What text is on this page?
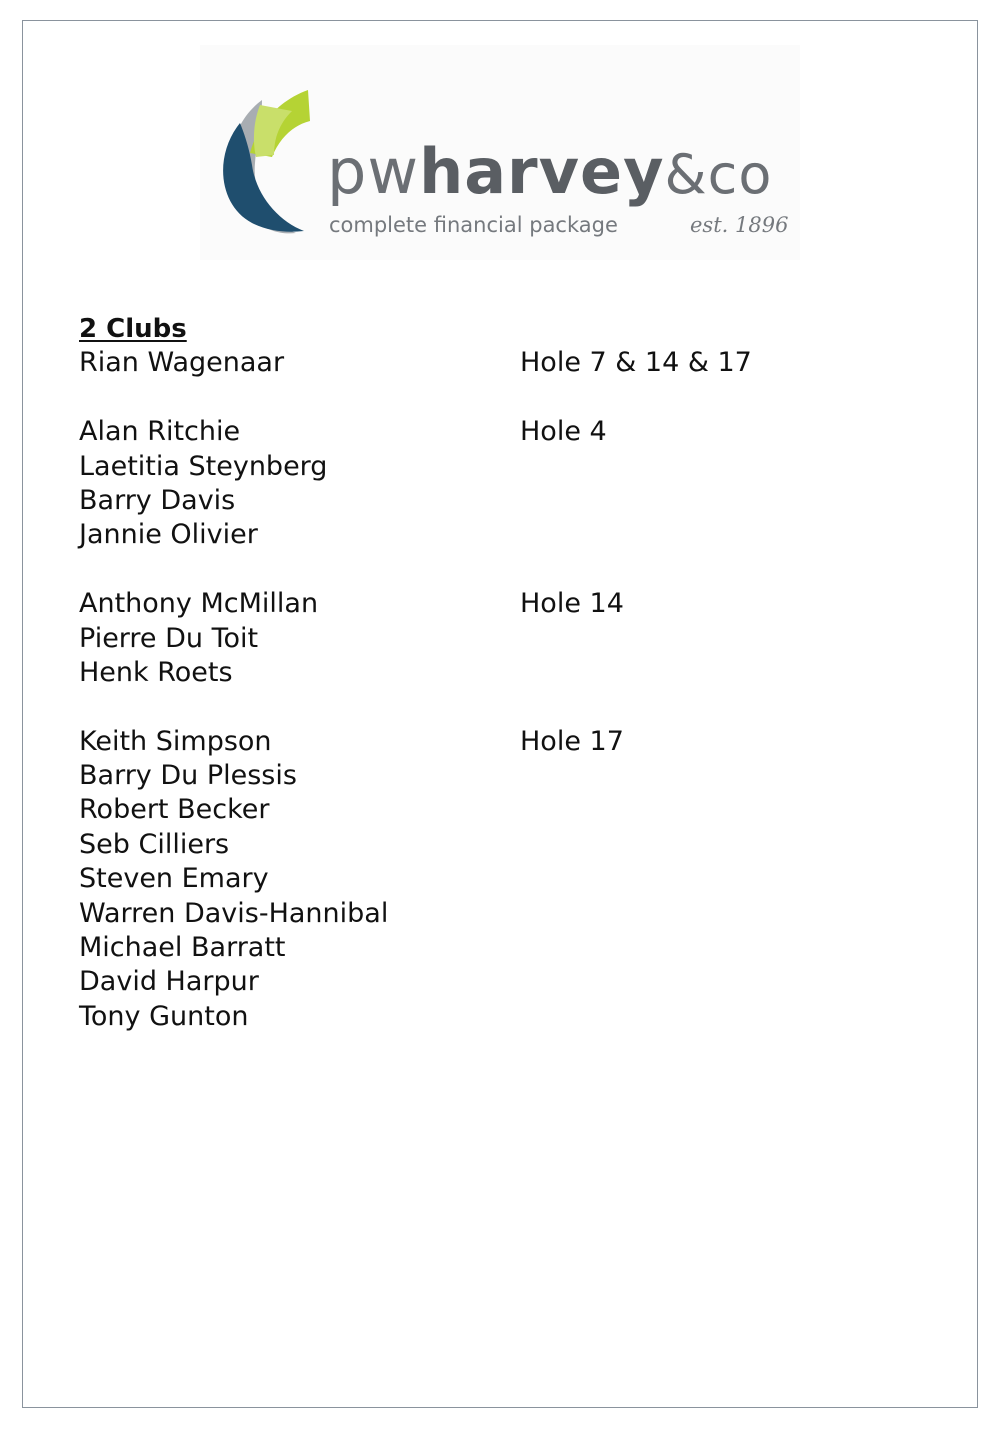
pwharvey&co
complete financial package	est. 1896
2 Clubs
Rian Wagenaar	Hole 7 & 14 & 17
Alan Ritchie	Hole 4
Laetitia Steynberg
Barry Davis
Jannie Olivier
Anthony McMillan	Hole 14
Pierre Du Toit
Henk Roets
Keith Simpson	Hole 17
Barry Du Plessis
Robert Becker
Seb Cilliers
Steven Emary
Warren Davis-Hannibal
Michael Barratt
David Harpur
Tony Gunton
